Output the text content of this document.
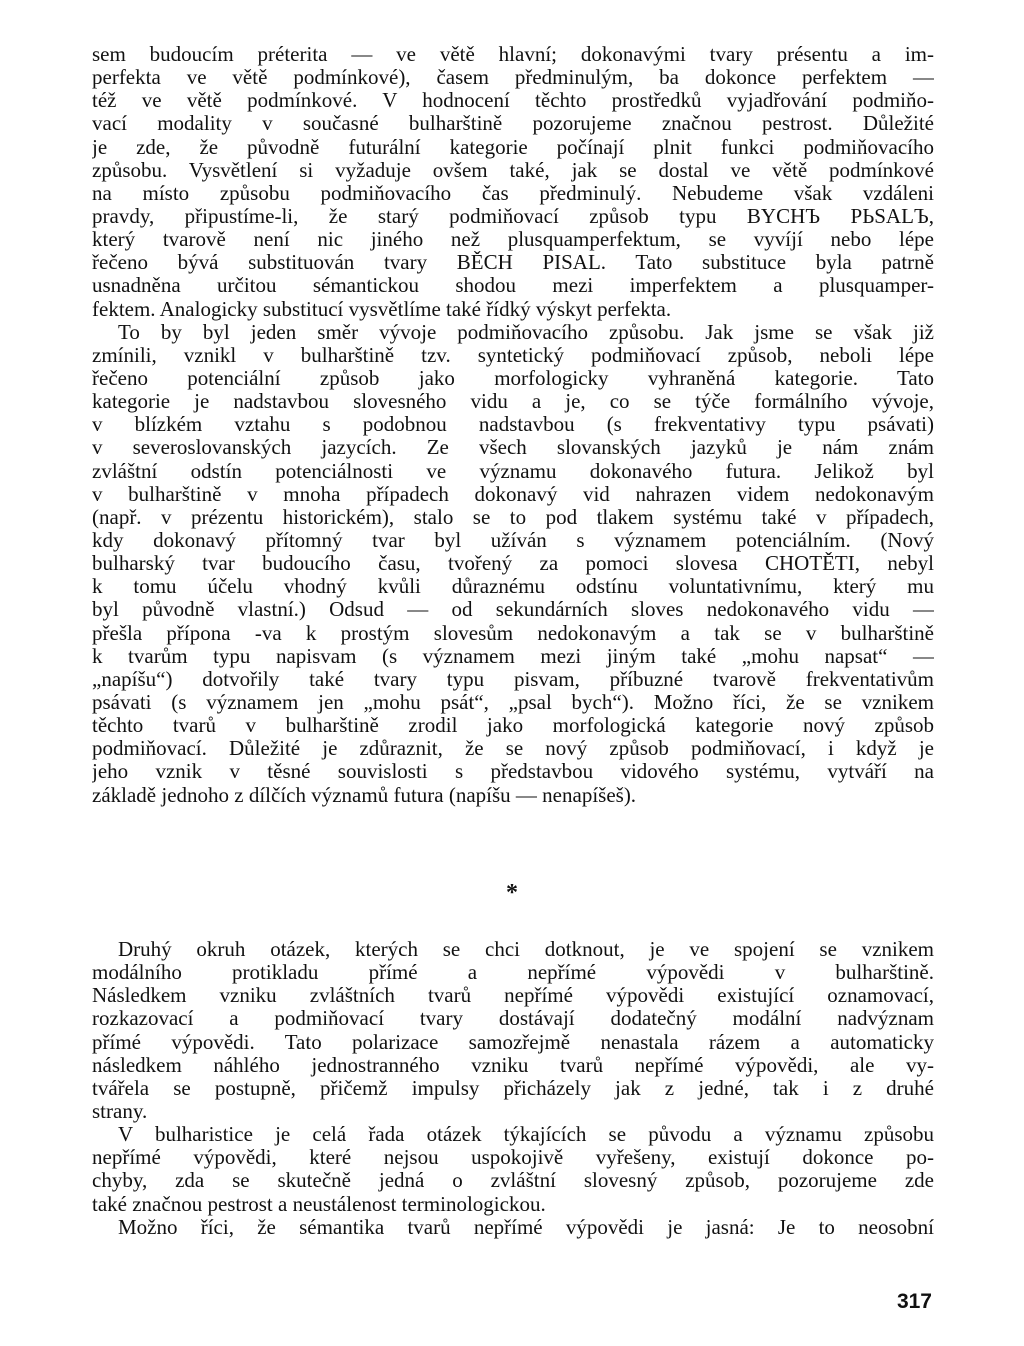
sem budoucím préterita — ve větě hlavní; dokonavými tvary présentu a im-
perfekta ve větě podmínkové), časem předminulým, ba dokonce perfektem —
též ve větě podmínkové. V hodnocení těchto prostředků vyjadřování podmiňo-
vací modality v současné bulharštině pozorujeme značnou pestrost. Důležité
je zde, že původně futurální kategorie počínají plnit funkci podmiňovacího
způsobu. Vysvětlení si vyžaduje ovšem také, jak se dostal ve větě podmínkové
na místo způsobu podmiňovacího čas předminulý. Nebudeme však vzdáleni
pravdy, připustíme-li, že starý podmiňovací způsob typu BYCHЪ PЬSALЪ,
který tvarově není nic jiného než plusquamperfektum, se vyvíjí nebo lépe
řečeno bývá substituován tvary BĚCH PISAL. Tato substituce byla patrně
usnadněna určitou sémantickou shodou mezi imperfektem a plusquamper-
fektem. Analogicky substitucí vysvětlíme také řídký výskyt perfekta.
To by byl jeden směr vývoje podmiňovacího způsobu. Jak jsme se však již
zmínili, vznikl v bulharštině tzv. syntetický podmiňovací způsob, neboli lépe
řečeno potenciální způsob jako morfologicky vyhraněná kategorie. Tato
kategorie je nadstavbou slovesného vidu a je, co se týče formálního vývoje,
v blízkém vztahu s podobnou nadstavbou (s frekventativy typu psávati)
v severoslovanských jazycích. Ze všech slovanských jazyků je nám znám
zvláštní odstín potenciálnosti ve významu dokonavého futura. Jelikož byl
v bulharštině v mnoha případech dokonavý vid nahrazen videm nedokonavým
(např. v prézentu historickém), stalo se to pod tlakem systému také v případech,
kdy dokonavý přítomný tvar byl užíván s významem potenciálním. (Nový
bulharský tvar budoucího času, tvořený za pomoci slovesa CHOTĚTI, nebyl
k tomu účelu vhodný kvůli důraznému odstínu voluntativnímu, který mu
byl původně vlastní.) Odsud — od sekundárních sloves nedokonavého vidu —
přešla přípona -va k prostým slovesům nedokonavým a tak se v bulharštině
k tvarům typu napisvam (s významem mezi jiným také „mohu napsat“ —
„napíšu“) dotvořily také tvary typu pisvam, příbuzné tvarově frekventativům
psávati (s významem jen „mohu psát“, „psal bych“). Možno říci, že se vznikem
těchto tvarů v bulharštině zrodil jako morfologická kategorie nový způsob
podmiňovací. Důležité je zdůraznit, že se nový způsob podmiňovací, i když je
jeho vznik v těsné souvislosti s představbou vidového systému, vytváří na
základě jednoho z dílčích významů futura (napíšu — nenapíšeš).
*
Druhý okruh otázek, kterých se chci dotknout, je ve spojení se vznikem
modálního protikladu přímé a nepřímé výpovědi v bulharštině.
Následkem vzniku zvláštních tvarů nepřímé výpovědi existující oznamovací,
rozkazovací a podmiňovací tvary dostávají dodatečný modální nadvýznam
přímé výpovědi. Tato polarizace samozřejmě nenastala rázem a automaticky
následkem náhlého jednostranného vzniku tvarů nepřímé výpovědi, ale vy-
tvářela se postupně, přičemž impulsy přicházely jak z jedné, tak i z druhé
strany.
V bulharistice je celá řada otázek týkajících se původu a významu způsobu
nepřímé výpovědi, které nejsou uspokojivě vyřešeny, existují dokonce po-
chyby, zda se skutečně jedná o zvláštní slovesný způsob, pozorujeme zde
také značnou pestrost a neustálenost terminologickou.
Možno říci, že sémantika tvarů nepřímé výpovědi je jasná: Je to neosobní
317
